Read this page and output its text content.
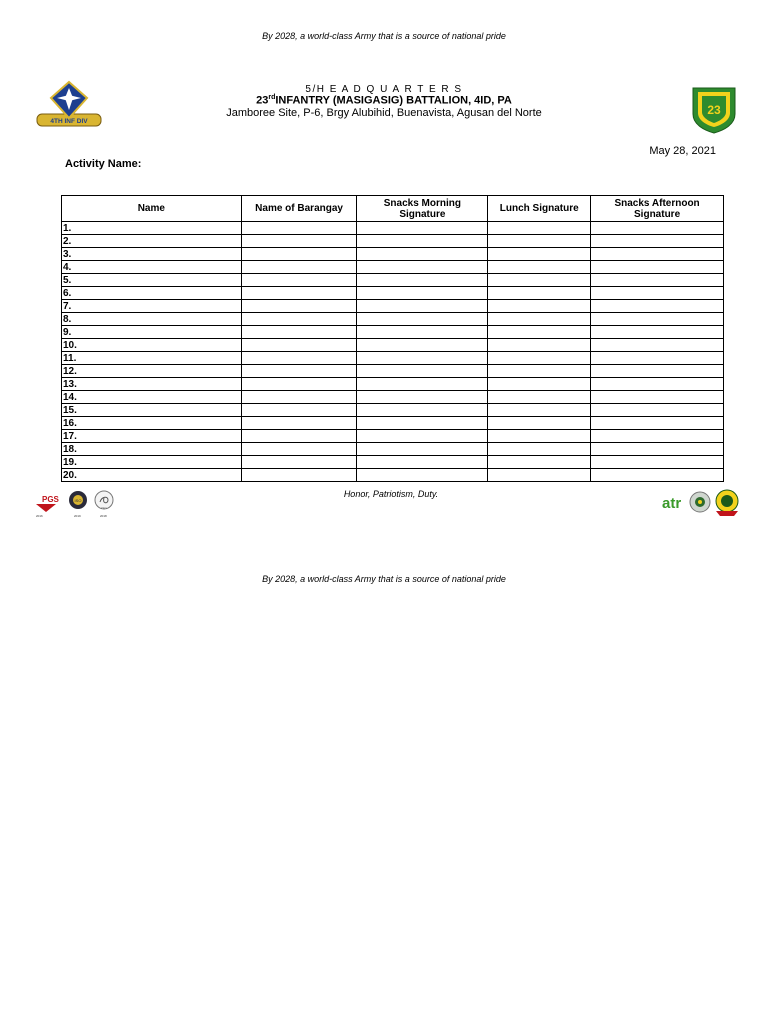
By 2028, a world-class Army that is a source of national pride
4TH INF DIV
23
5/H E A D Q U A R T E R S
23rdINFANTRY (MASIGASIG) BATTALION, 4ID, PA
Jamboree Site, P-6, Brgy Alubihid, Buenavista, Agusan del Norte
May 28, 2021
Activity Name:
Name	Name of Barangay	Snacks Morning Signature	Lunch Signature	Snacks Afternoon Signature
1.				
2.				
3.				
4.				
5.				
6.				
7.				
8.				
9.				
10.				
11.				
12.				
13.				
14.				
15.				
16.				
17.				
18.				
19.				
20.				
PGS
2016
ISO
2019
ISO
2018
Honor, Patriotism, Duty.
atr
By 2028, a world-class Army that is a source of national pride
